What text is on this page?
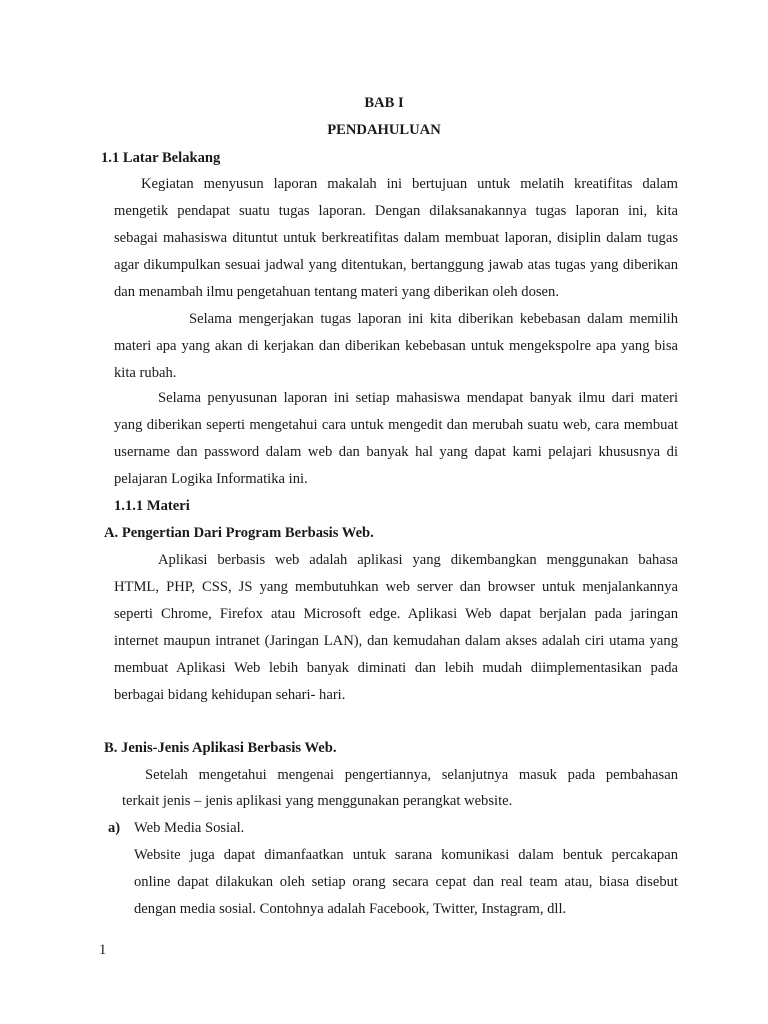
BAB I
PENDAHULUAN
1.1 Latar Belakang
Kegiatan menyusun laporan makalah ini bertujuan untuk melatih kreatifitas dalam
mengetik pendapat suatu tugas laporan. Dengan dilaksanakannya tugas laporan ini, kita
sebagai mahasiswa dituntut untuk berkreatifitas dalam membuat laporan, disiplin dalam tugas
agar dikumpulkan sesuai jadwal yang ditentukan, bertanggung jawab atas tugas yang diberikan
dan menambah ilmu pengetahuan tentang materi yang diberikan oleh dosen.
Selama mengerjakan tugas laporan ini kita diberikan kebebasan dalam memilih
materi apa yang akan di kerjakan dan diberikan kebebasan untuk mengekspolre apa yang bisa
kita rubah.
Selama penyusunan laporan ini setiap mahasiswa mendapat banyak ilmu dari materi
yang diberikan seperti mengetahui cara untuk mengedit dan merubah suatu web, cara membuat
username dan password dalam web dan banyak hal yang dapat kami pelajari khususnya di
pelajaran Logika Informatika ini.
1.1.1 Materi
A. Pengertian Dari Program Berbasis Web.
Aplikasi berbasis web adalah aplikasi yang dikembangkan menggunakan bahasa
HTML, PHP, CSS, JS yang membutuhkan web server dan browser untuk menjalankannya
seperti Chrome, Firefox atau Microsoft edge. Aplikasi Web dapat berjalan pada jaringan
internet maupun intranet (Jaringan LAN), dan kemudahan dalam akses adalah ciri utama yang
membuat Aplikasi Web lebih banyak diminati dan lebih mudah diimplementasikan pada
berbagai bidang kehidupan sehari- hari.
B. Jenis-Jenis Aplikasi Berbasis Web.
Setelah mengetahui mengenai pengertiannya, selanjutnya masuk pada pembahasan
terkait jenis – jenis aplikasi yang menggunakan perangkat website.
a) Web Media Sosial.
Website juga dapat dimanfaatkan untuk sarana komunikasi dalam bentuk percakapan
online dapat dilakukan oleh setiap orang secara cepat dan real team atau, biasa disebut
dengan media sosial. Contohnya adalah Facebook, Twitter, Instagram, dll.
1
